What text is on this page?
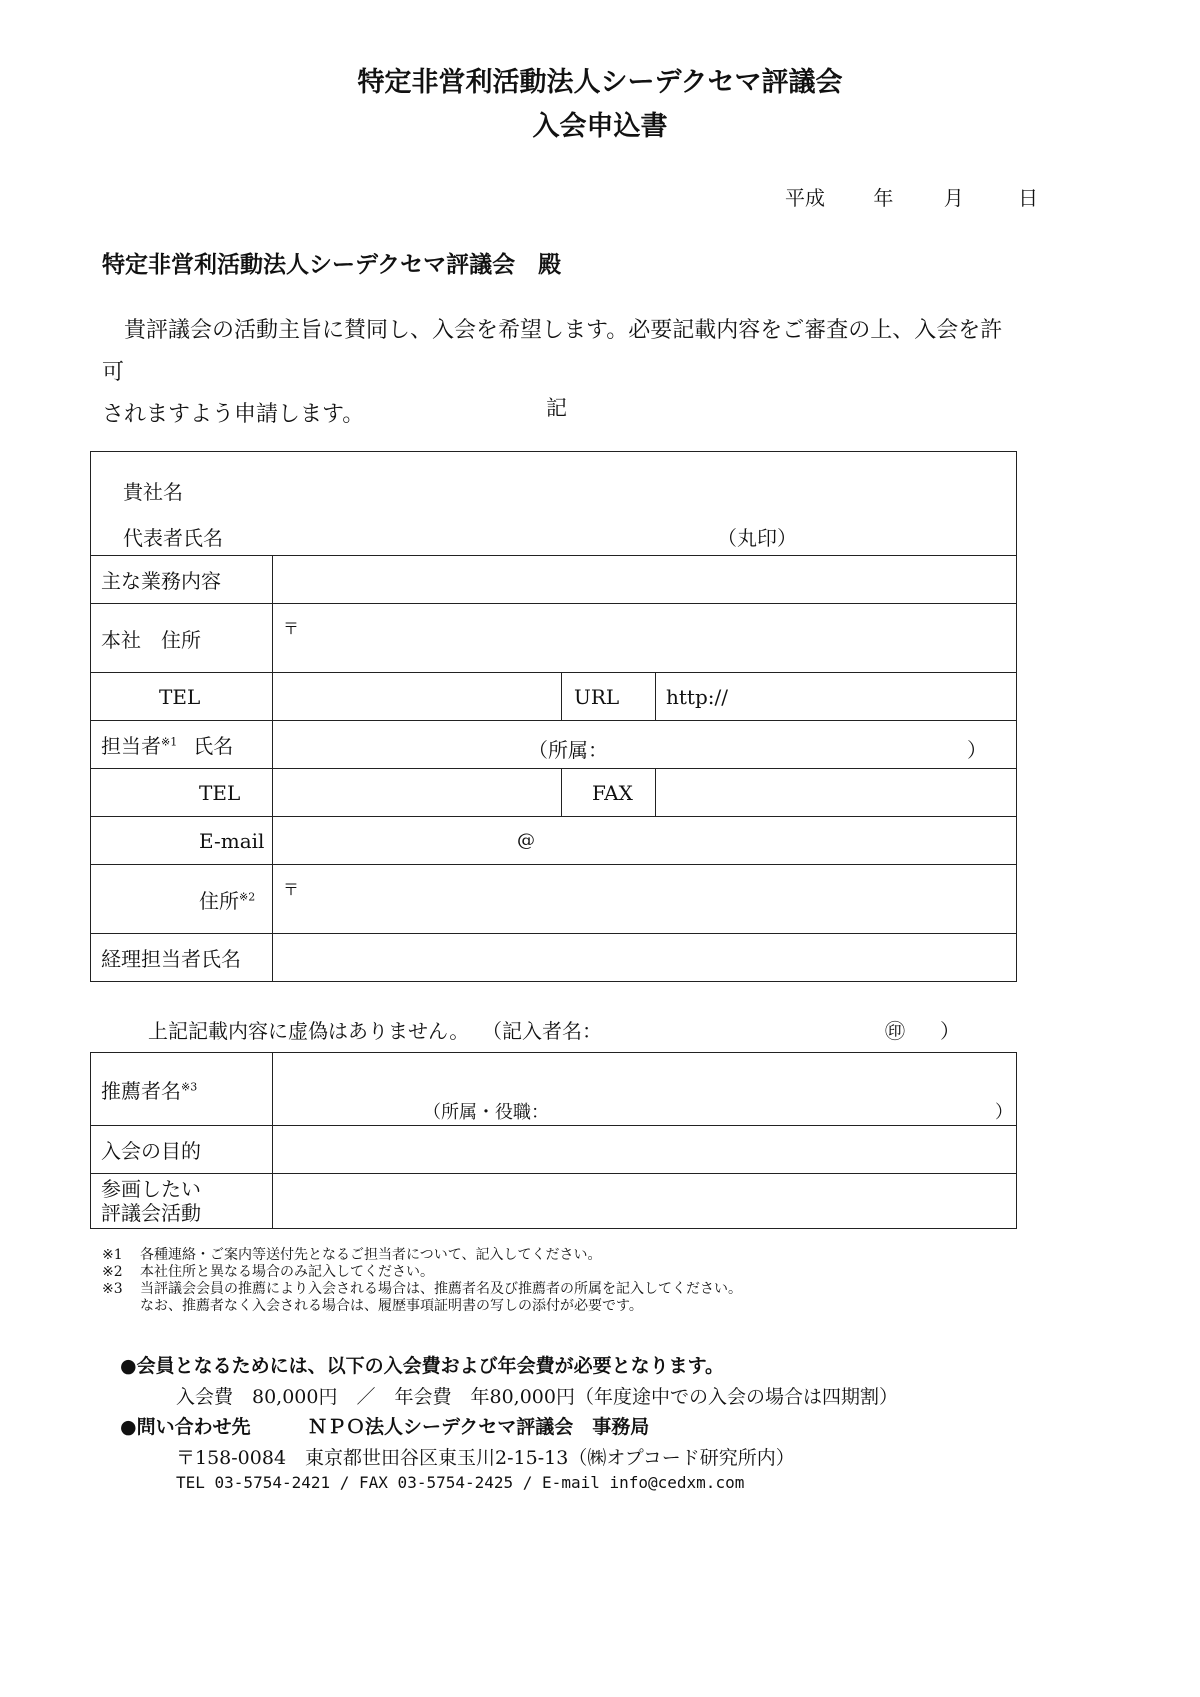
特定非営利活動法人シーデクセマ評議会
入会申込書
平成 年	月	日
特定非営利活動法人シーデクセマ評議会　殿
貴評議会の活動主旨に賛同し、入会を希望します。必要記載内容をご審査の上、入会を許可
されますよう申請します。	記
貴社名
代表者氏名 （丸印）			

主な業務内容			
本社　住所	〒		

TEL		URL	http://
担当者$^{※1}$ 氏名	（所属： ）		

TEL		FAX	
E-mail	@		

住所$^{※2}$	〒		

経理担当者氏名			
上記記載内容に虚偽はありません。 （記入者名：	㊞ ）
推薦者名$^{※3}$	（所属・役職： ）

入会の目的	

参画したい
評議会活動	

※1 各種連絡・ご案内等送付先となるご担当者について、記入してください。
※2 本社住所と異なる場合のみ記入してください。
※3 当評議会会員の推薦により入会される場合は、推薦者名及び推薦者の所属を記入してください。
なお、推薦者なく入会される場合は、履歴事項証明書の写しの添付が必要です。
●会員となるためには、以下の入会費および年会費が必要となります。
入会費　80,000円　／　年会費　年80,000円（年度途中での入会の場合は四期割）
●問い合わせ先	ＮＰＯ法人シーデクセマ評議会　事務局
〒158-0084　東京都世田谷区東玉川2-15-13（㈱オプコード研究所内）
TEL 03-5754-2421 / FAX 03-5754-2425 / E-mail info@cedxm.com
